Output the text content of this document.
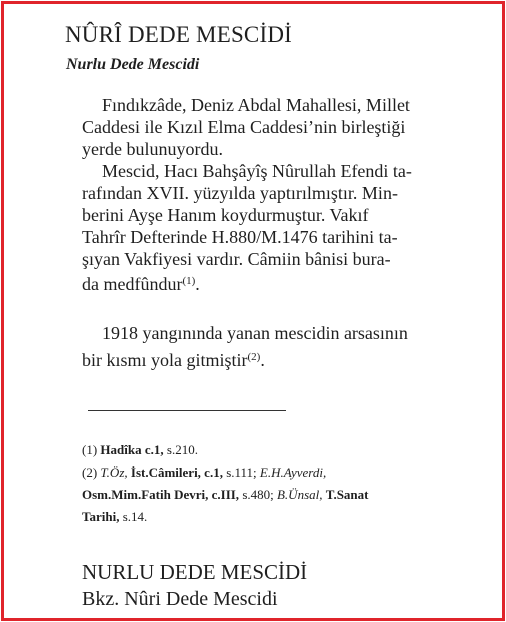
NÛRÎ DEDE MESCİDİ
Nurlu Dede Mescidi
Fındıkzâde, Deniz Abdal Mahallesi, Millet
Caddesi ile Kızıl Elma Caddesi’nin birleştiği
yerde bulunuyordu.
Mescid, Hacı Bahşâyîş Nûrullah Efendi ta-
rafından XVII. yüzyılda yaptırılmıştır. Min-
berini Ayşe Hanım koydurmuştur. Vakıf
Tahrîr Defterinde H.880/M.1476 tarihini ta-
şıyan Vakfiyesi vardır. Câmiin bânisi bura-
da medfûndur$^{(1)}$.
1918 yangınında yanan mescidin arsasının
bir kısmı yola gitmiştir$^{(2)}$.
(1) Hadîka c.1, s.210.
(2) T.Öz, İst.Câmileri, c.1, s.111; E.H.Ayverdi,
Osm.Mim.Fatih Devri, c.III, s.480; B.Ünsal, T.Sanat
Tarihi, s.14.
NURLU DEDE MESCİDİ
Bkz. Nûri Dede Mescidi
